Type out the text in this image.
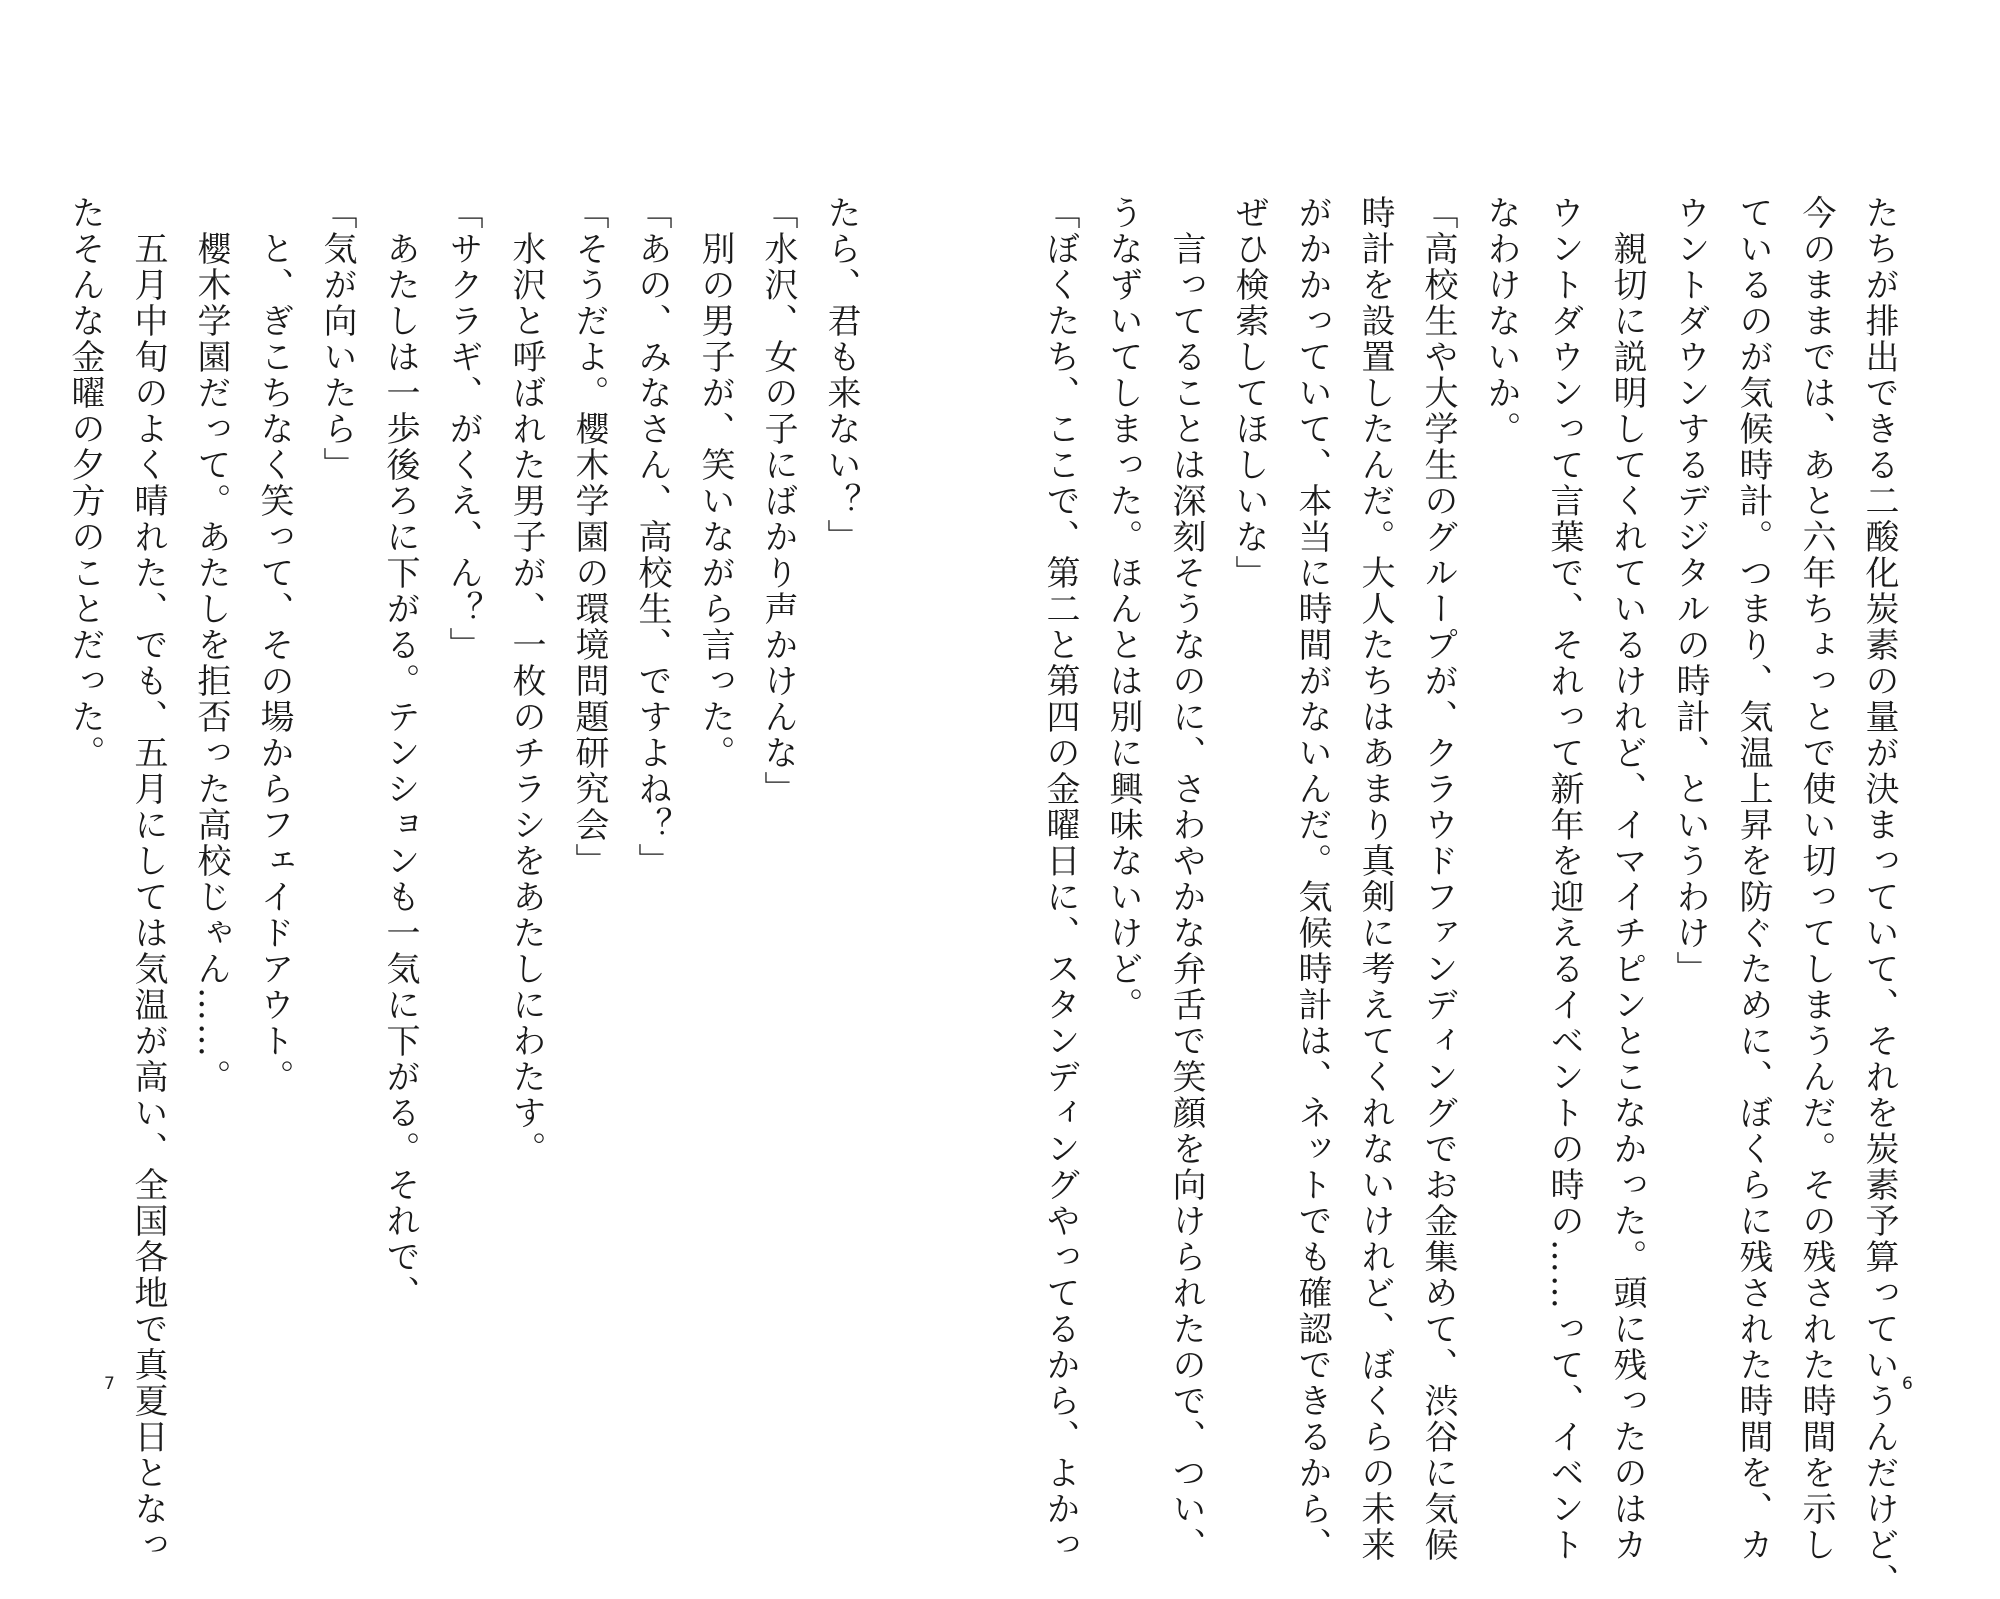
たちが排出できる二酸化炭素の量が決まっていて、それを炭素予算っていうんだけど、
今のままでは、あと六年ちょっとで使い切ってしまうんだ。その残された時間を示し
ているのが気候時計。つまり、気温上昇を防ぐために、ぼくらに残された時間を、カ
ウントダウンするデジタルの時計、というわけ」
　親切に説明してくれているけれど、イマイチピンとこなかった。頭に残ったのはカ
ウントダウンって言葉で、それって新年を迎えるイベントの時の……って、イベント
なわけないか。
「高校生や大学生のグループが、クラウドファンディングでお金集めて、渋谷に気候
時計を設置したんだ。大人たちはあまり真剣に考えてくれないけれど、ぼくらの未来
がかかっていて、本当に時間がないんだ。気候時計は、ネットでも確認できるから、
ぜひ検索してほしいな」
　言ってることは深刻そうなのに、さわやかな弁舌で笑顔を向けられたので、つい、
うなずいてしまった。ほんとは別に興味ないけど。
「ぼくたち、ここで、第二と第四の金曜日に、スタンディングやってるから、よかっ	6
たら、君も来ない？」
「水沢、女の子にばかり声かけんな」
　別の男子が、笑いながら言った。
「あの、みなさん、高校生、ですよね？」
「そうだよ。櫻木学園の環境問題研究会」
　水沢と呼ばれた男子が、一枚のチラシをあたしにわたす。
「サクラギ、がくえ、ん？」
　あたしは一歩後ろに下がる。テンションも一気に下がる。それで、
「気が向いたら」
　と、ぎこちなく笑って、その場からフェイドアウト。
　櫻木学園だって。あたしを拒否った高校じゃん……。
　五月中旬のよく晴れた、でも、五月にしては気温が高い、全国各地で真夏日となっ
たそんな金曜の夕方のことだった。
7
